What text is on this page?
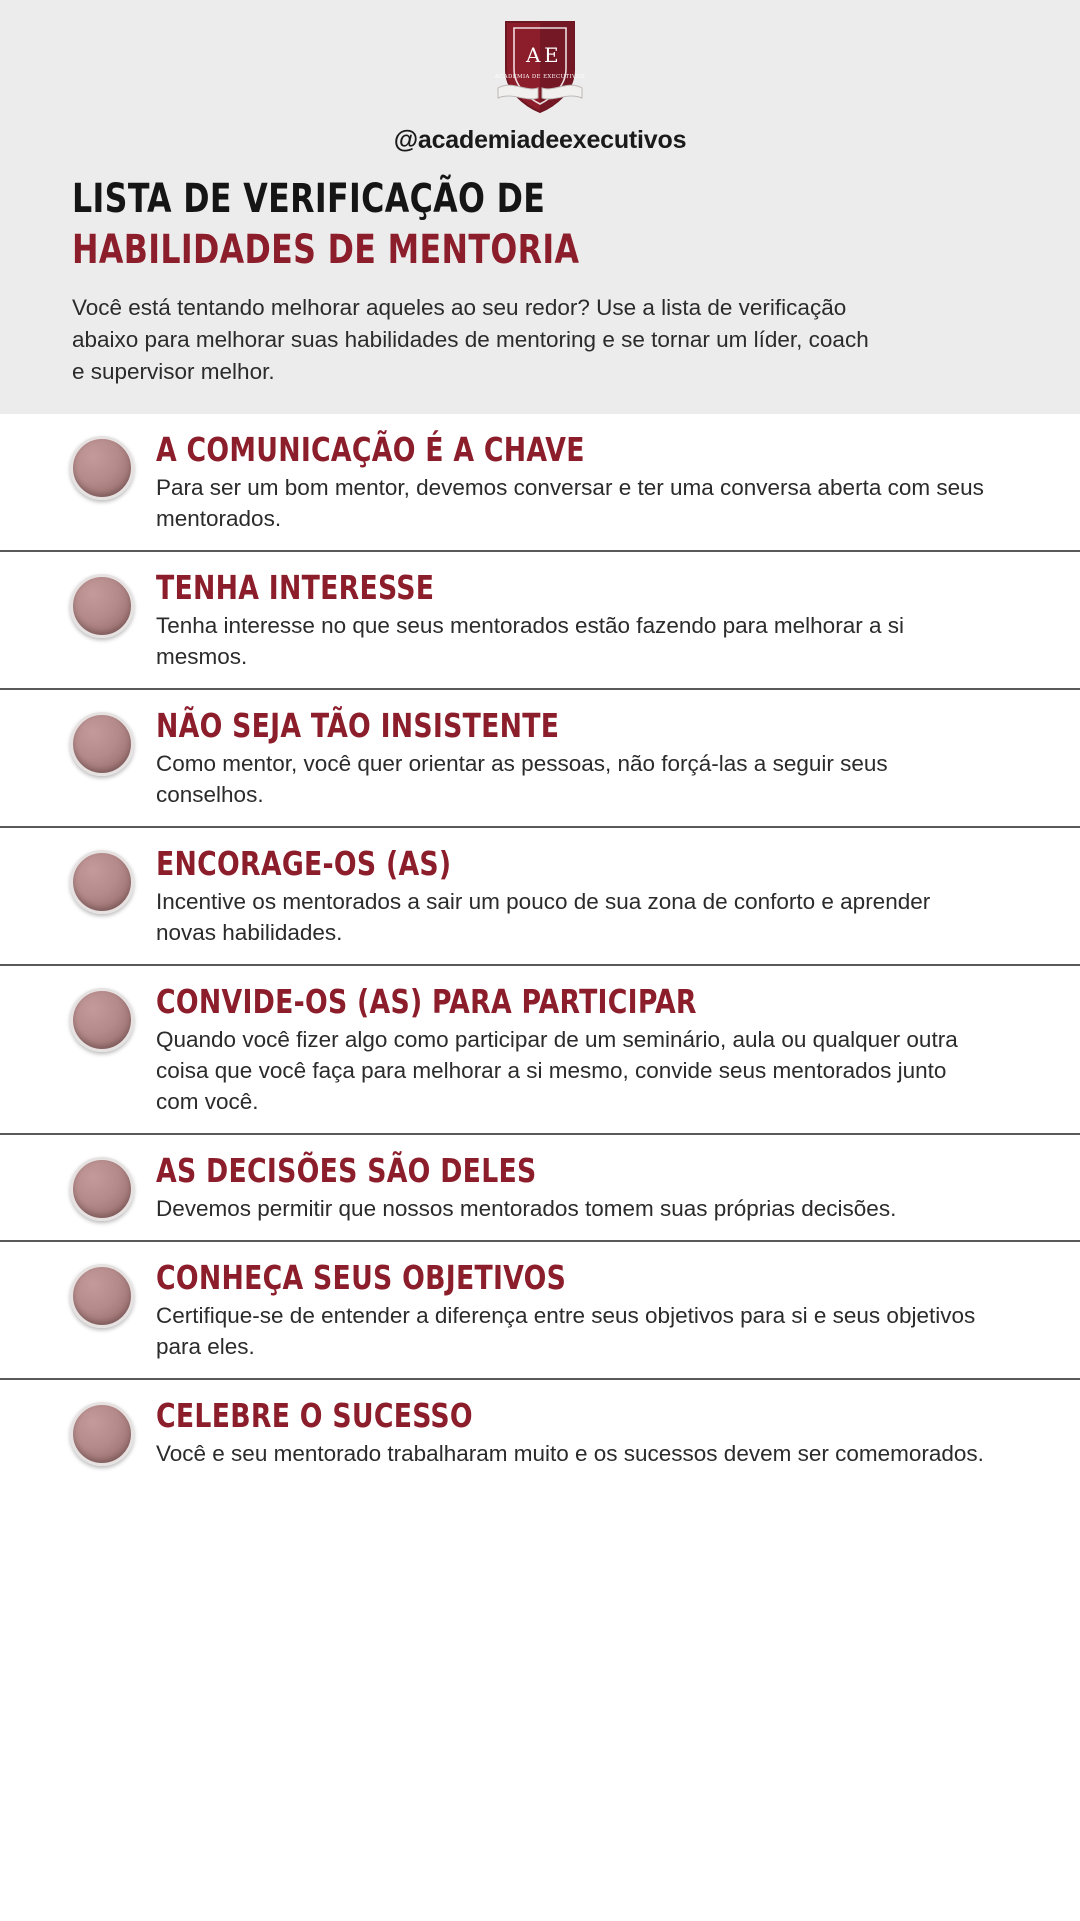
A E
ACADEMIA DE EXECUTIVOS
@academiadeexecutivos
LISTA DE VERIFICAÇÃO DE
HABILIDADES DE MENTORIA
Você está tentando melhorar aqueles ao seu redor? Use a lista de verificação abaixo para melhorar suas habilidades de mentoring e se tornar um líder, coach e supervisor melhor.
A COMUNICAÇÃO É A CHAVE
Para ser um bom mentor, devemos conversar e ter uma conversa aberta com seus mentorados.
TENHA INTERESSE
Tenha interesse no que seus mentorados estão fazendo para melhorar a si mesmos.
NÃO SEJA TÃO INSISTENTE
Como mentor, você quer orientar as pessoas, não forçá-las a seguir seus conselhos.
ENCORAGE-OS (AS)
Incentive os mentorados a sair um pouco de sua zona de conforto e aprender novas habilidades.
CONVIDE-OS (AS) PARA PARTICIPAR
Quando você fizer algo como participar de um seminário, aula ou qualquer outra coisa que você faça para melhorar a si mesmo, convide seus mentorados junto com você.
AS DECISÕES SÃO DELES
Devemos permitir que nossos mentorados tomem suas próprias decisões.
CONHEÇA SEUS OBJETIVOS
Certifique-se de entender a diferença entre seus objetivos para si e seus objetivos para eles.
CELEBRE O SUCESSO
Você e seu mentorado trabalharam muito e os sucessos devem ser comemorados.
